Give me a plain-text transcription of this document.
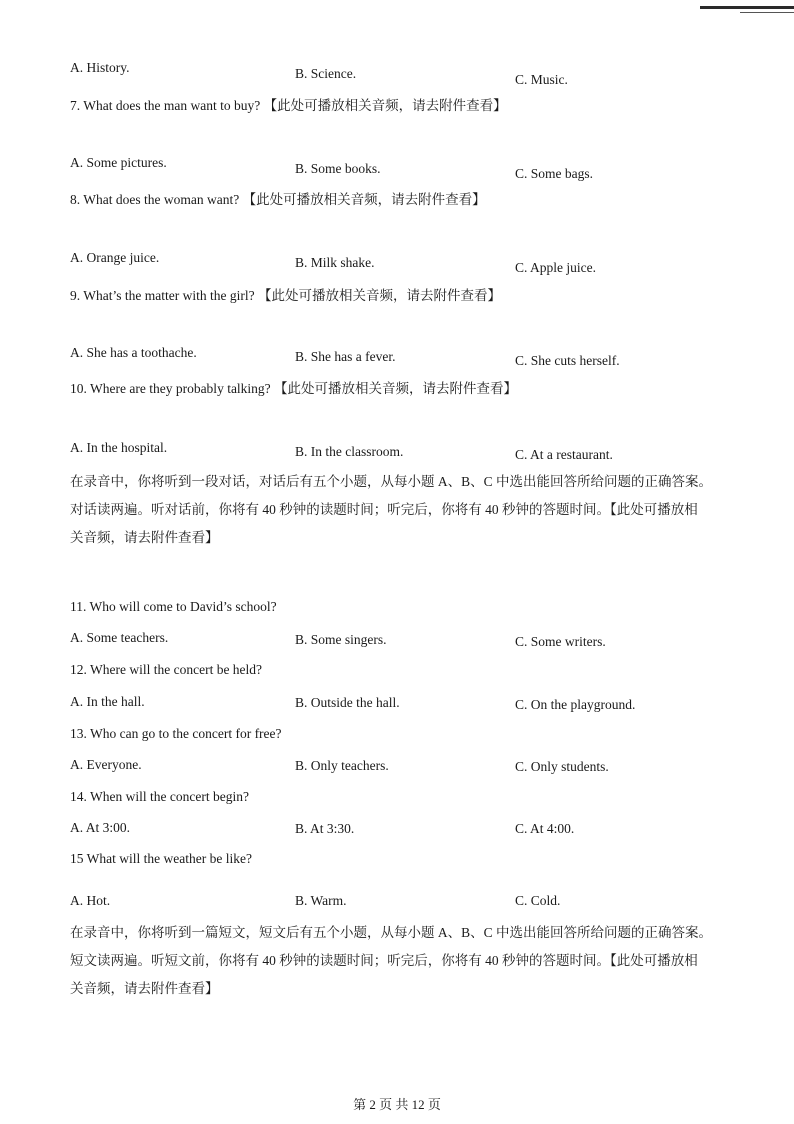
A. History.	B. Science.	C. Music.
7. What does the man want to buy? 【此处可播放相关音频，请去附件查看】
A. Some pictures.	B. Some books.	C. Some bags.
8. What does the woman want? 【此处可播放相关音频，请去附件查看】
A. Orange juice.	B. Milk shake.	C. Apple juice.
9. What’s the matter with the girl? 【此处可播放相关音频，请去附件查看】
A. She has a toothache.	B. She has a fever.	C. She cuts herself.
10. Where are they probably talking? 【此处可播放相关音频，请去附件查看】
A. In the hospital.	B. In the classroom.	C. At a restaurant.
在录音中，你将听到一段对话，对话后有五个小题，从每小题 A、B、C 中选出能回答所给问题的正确答案。
对话读两遍。听对话前，你将有 40 秒钟的读题时间；听完后，你将有 40 秒钟的答题时间。【此处可播放相
关音频，请去附件查看】
11. Who will come to David’s school?
A. Some teachers.	B. Some singers.	C. Some writers.
12. Where will the concert be held?
A. In the hall.	B. Outside the hall.	C. On the playground.
13. Who can go to the concert for free?
A. Everyone.	B. Only teachers.	C. Only students.
14. When will the concert begin?
A. At 3:00.	B. At 3:30.	C. At 4:00.
15 What will the weather be like?
A. Hot.	B. Warm.	C. Cold.
在录音中，你将听到一篇短文，短文后有五个小题，从每小题 A、B、C 中选出能回答所给问题的正确答案。
短文读两遍。听短文前，你将有 40 秒钟的读题时间；听完后，你将有 40 秒钟的答题时间。【此处可播放相
关音频，请去附件查看】
第 2 页 共 12 页
